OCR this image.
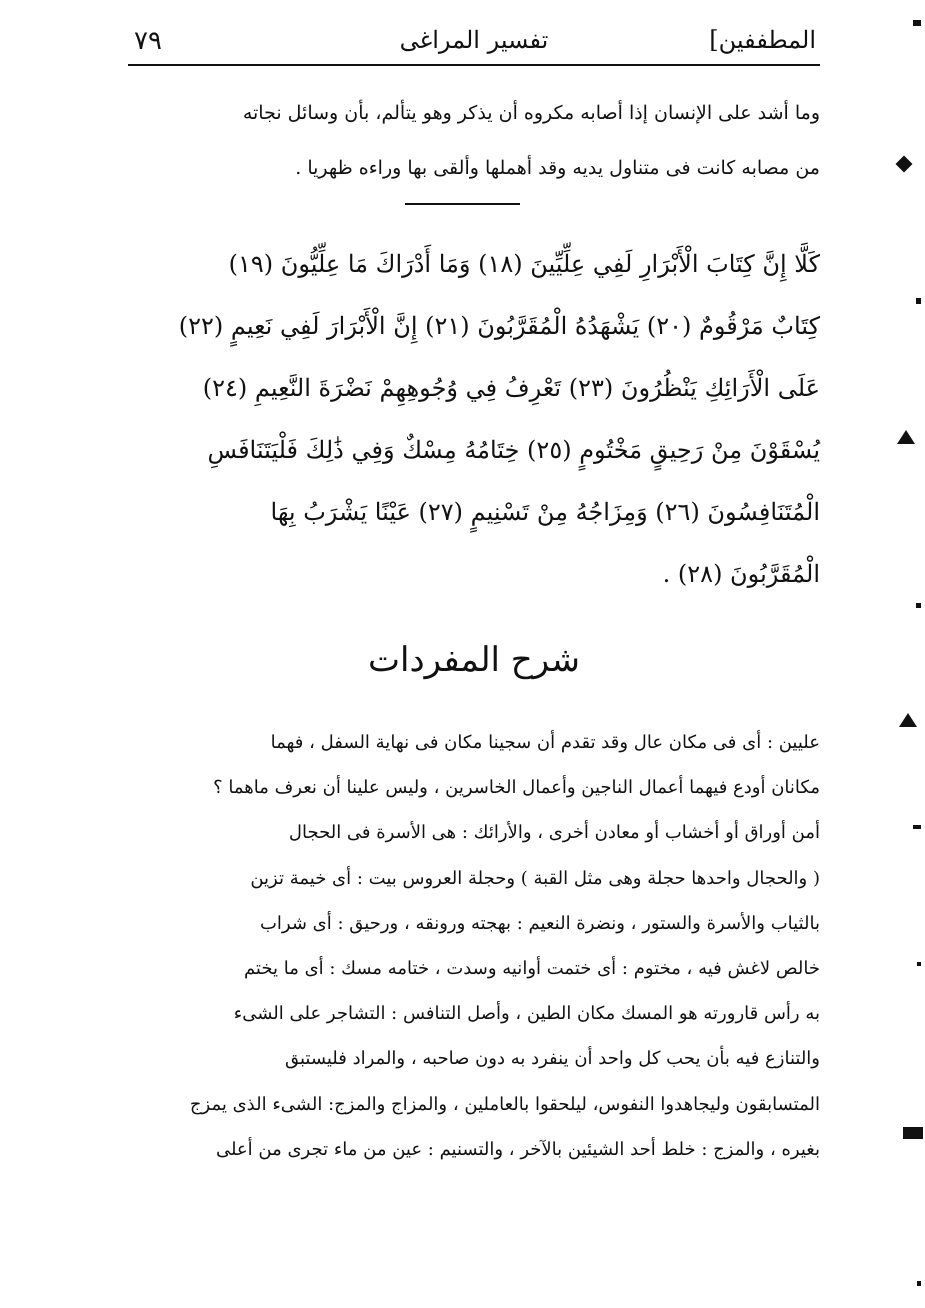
٧٩	تفسير المراغى	المطففين]

وما أشد على الإنسان إذا أصابه مكروه أن يذكر وهو يتألم، بأن وسائل نجاته

من مصابه كانت فى متناول يديه وقد أهملها وألقى بها وراءه ظهريا .

كَلَّا إِنَّ كِتَابَ الْأَبْرَارِ لَفِي عِلِّيِّينَ (١٨) وَمَا أَدْرَاكَ مَا عِلِّيُّونَ (١٩)
كِتَابٌ مَرْقُومٌ (٢٠) يَشْهَدُهُ الْمُقَرَّبُونَ (٢١) إِنَّ الْأَبْرَارَ لَفِي نَعِيمٍ (٢٢)
عَلَى الْأَرَائِكِ يَنْظُرُونَ (٢٣) تَعْرِفُ فِي وُجُوهِهِمْ نَضْرَةَ النَّعِيمِ (٢٤)
يُسْقَوْنَ مِنْ رَحِيقٍ مَخْتُومٍ (٢٥) خِتَامُهُ مِسْكٌ وَفِي ذَٰلِكَ فَلْيَتَنَافَسِ
الْمُتَنَافِسُونَ (٢٦) وَمِزَاجُهُ مِنْ تَسْنِيمٍ (٢٧) عَيْنًا يَشْرَبُ بِهَا
الْمُقَرَّبُونَ (٢٨) .
شرح المفردات

عليين : أى فى مكان عال وقد تقدم أن سجينا مكان فى نهاية السفل ، فهما

مكانان أودع فيهما أعمال الناجين وأعمال الخاسرين ، وليس علينا أن نعرف ماهما ؟

أمن أوراق أو أخشاب أو معادن أخرى ، والأرائك : هى الأسرة فى الحجال

( والحجال واحدها حجلة وهى مثل القبة ) وحجلة العروس بيت : أى خيمة تزين

بالثياب والأسرة والستور ، ونضرة النعيم : بهجته ورونقه ، ورحيق : أى شراب

خالص لاغش فيه ، مختوم : أى ختمت أوانيه وسدت ، ختامه مسك : أى ما يختم

به رأس قارورته هو المسك مكان الطين ، وأصل التنافس : التشاجر على الشىء

والتنازع فيه بأن يحب كل واحد أن ينفرد به دون صاحبه ، والمراد فليستبق

المتسابقون وليجاهدوا النفوس، ليلحقوا بالعاملين ، والمزاج والمزج: الشىء الذى يمزج

بغيره ، والمزج : خلط أحد الشيئين بالآخر ، والتسنيم : عين من ماء تجرى من أعلى
